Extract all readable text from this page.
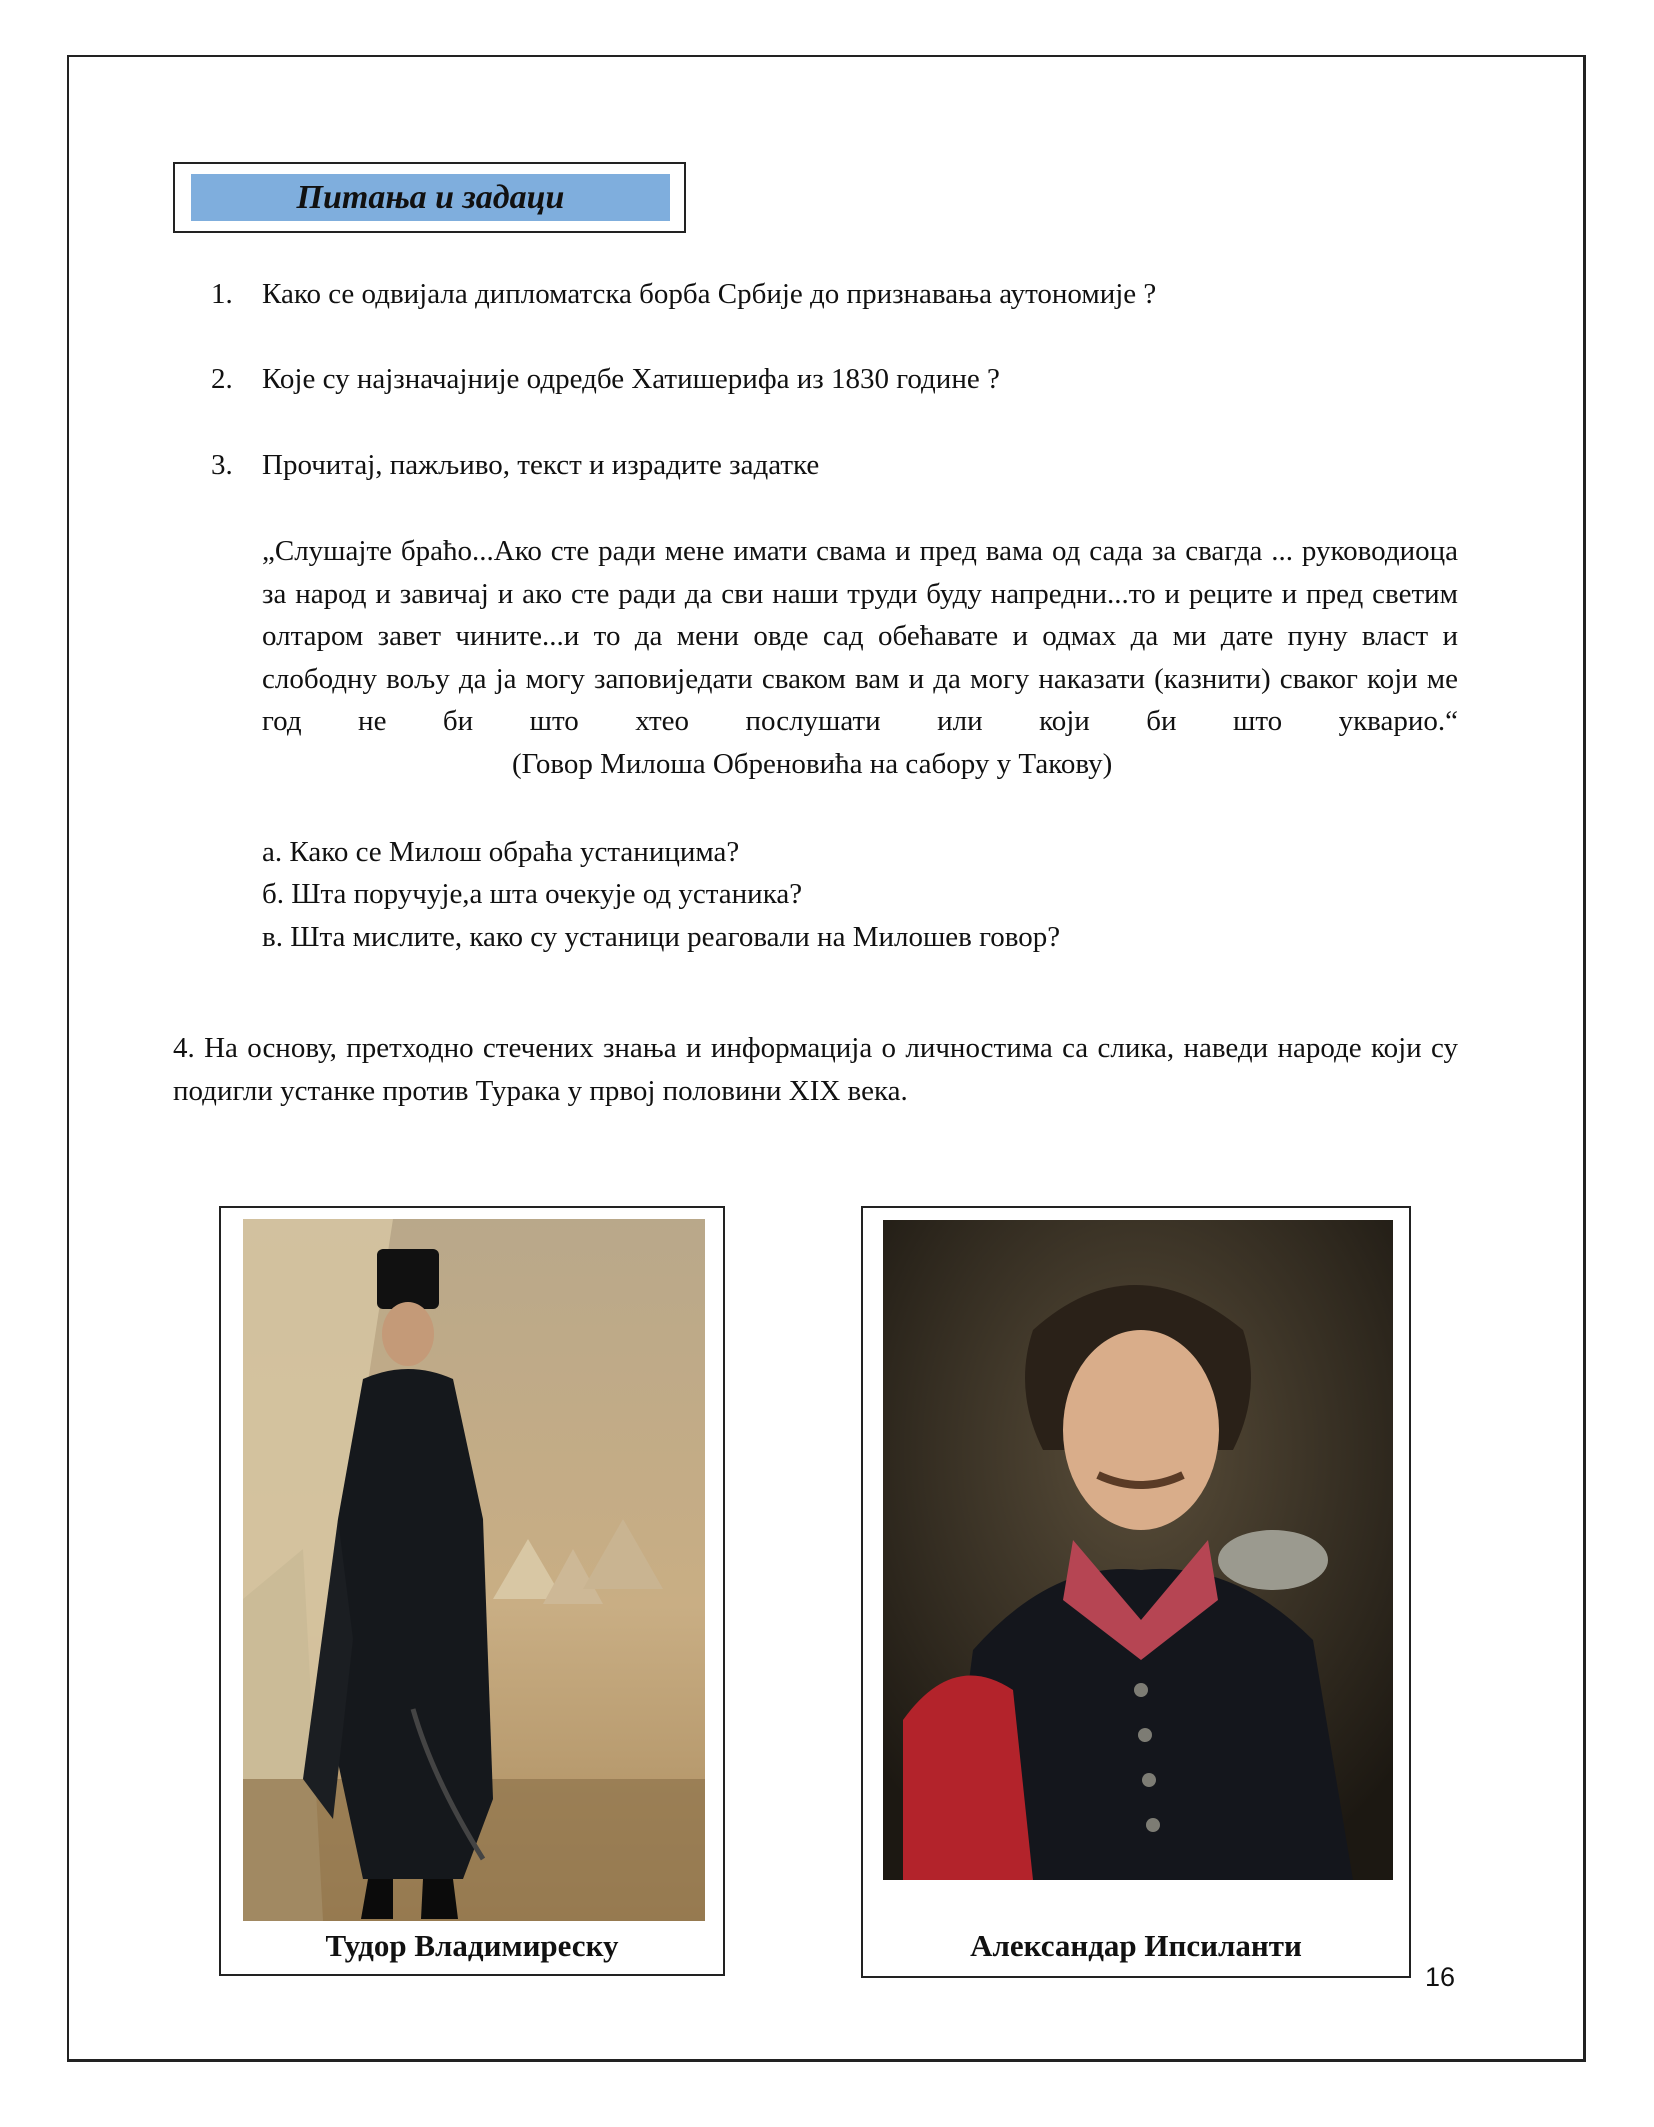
Питања и задаци
1. Како се одвијала дипломатска борба Србије до признавања аутономије ?
2. Које су најзначајније одредбе Хатишерифа из 1830 године ?
3. Прочитај, пажљиво, текст и израдите задатке
„Слушајте браћо...Ако сте ради мене имати свама и пред вама од сада за свагда ... руководиоца за народ и завичај и ако сте ради да сви наши труди буду напредни...то и реците и пред светим олтаром завет чините...и то да мени овде сад обећавате и одмах да ми дате пуну власт и слободну вољу да ја могу заповиједати сваком вам и да могу наказати (казнити) сваког који ме год не би што хтео послушати или који би што укварио.“(Говор Милоша Обреновића на сабору у Такову)
а. Како се Милош обраћа устаницима?
б. Шта поручује,а шта очекује од устаника?
в. Шта мислите, како су устаници реаговали на Милошев говор?
4. На основу, претходно стечених знања и информација о личностима са слика, наведи народе који су подигли устанке против Турака у првој половини XIX века.
Тудор Владимиреску	Александар Ипсиланти
16
